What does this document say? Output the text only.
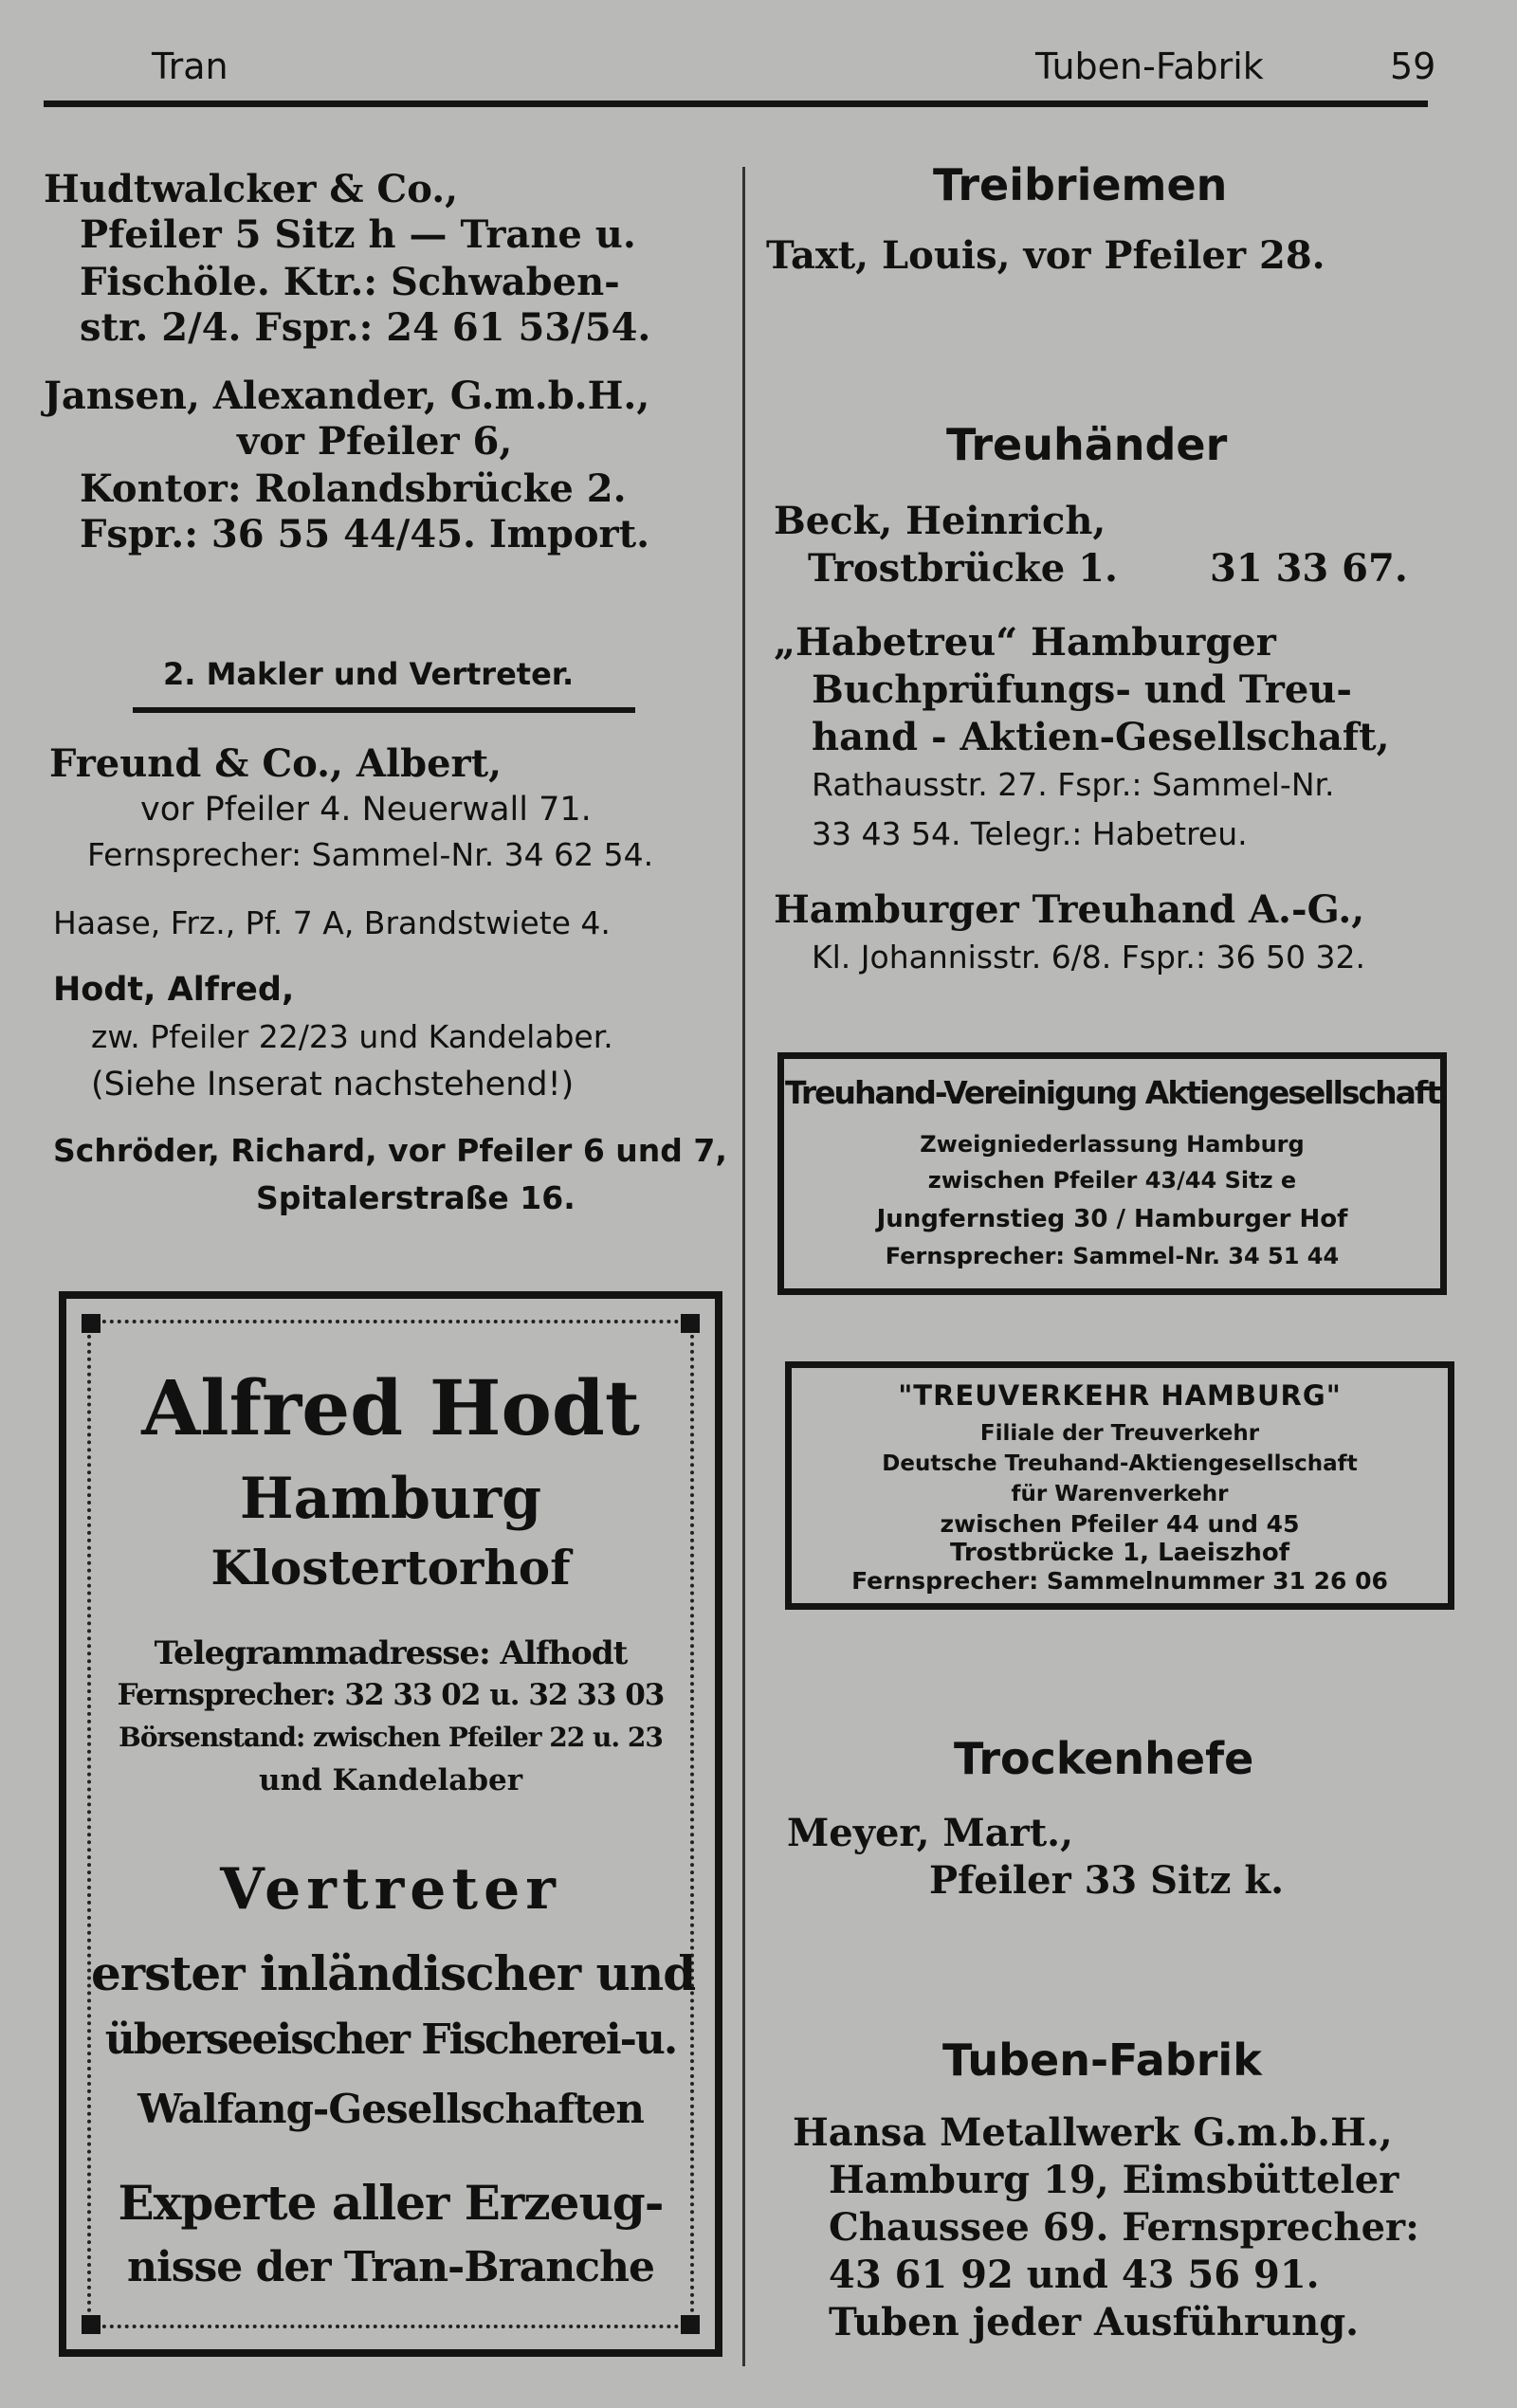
Tran	Tuben-Fabrik	59
Hudtwalcker & Co.,
Pfeiler 5 Sitz h — Trane u.
Fischöle. Ktr.: Schwaben-
str. 2/4. Fspr.: 24 61 53/54.
Jansen, Alexander, G.m.b.H.,
vor Pfeiler 6,
Kontor: Rolandsbrücke 2.
Fspr.: 36 55 44/45. Import.
2. Makler und Vertreter.
Freund & Co., Albert,
vor Pfeiler 4. Neuerwall 71.
Fernsprecher: Sammel-Nr. 34 62 54.
Haase, Frz., Pf. 7 A, Brandstwiete 4.
Hodt, Alfred,
zw. Pfeiler 22/23 und Kandelaber.
(Siehe Inserat nachstehend!)
Schröder, Richard, vor Pfeiler 6 und 7,
Spitalerstraße 16.
Alfred Hodt
Hamburg
Klostertorhof
Telegrammadresse: Alfhodt
Fernsprecher: 32 33 02 u. 32 33 03
Börsenstand: zwischen Pfeiler 22 u. 23
und Kandelaber
Vertreter
erster inländischer und
überseeischer Fischerei-u.
Walfang-Gesellschaften
Experte aller Erzeug-
nisse der Tran-Branche
Treibriemen
Taxt, Louis, vor Pfeiler 28.
Treuhänder
Beck, Heinrich,
Trostbrücke 1. 31 33 67.
„Habetreu“ Hamburger
Buchprüfungs- und Treu-
hand - Aktien-Gesellschaft,
Rathausstr. 27. Fspr.: Sammel-Nr.
33 43 54. Telegr.: Habetreu.
Hamburger Treuhand A.-G.,
Kl. Johannisstr. 6/8. Fspr.: 36 50 32.
Treuhand-Vereinigung Aktiengesellschaft
Zweigniederlassung Hamburg
zwischen Pfeiler 43/44 Sitz e
Jungfernstieg 30 / Hamburger Hof
Fernsprecher: Sammel-Nr. 34 51 44
"TREUVERKEHR HAMBURG"
Filiale der Treuverkehr
Deutsche Treuhand-Aktiengesellschaft
für Warenverkehr
zwischen Pfeiler 44 und 45
Trostbrücke 1, Laeiszhof
Fernsprecher: Sammelnummer 31 26 06
Trockenhefe
Meyer, Mart.,
Pfeiler 33 Sitz k.
Tuben-Fabrik
Hansa Metallwerk G.m.b.H.,
Hamburg 19, Eimsbütteler
Chaussee 69. Fernsprecher:
43 61 92 und 43 56 91.
Tuben jeder Ausführung.
